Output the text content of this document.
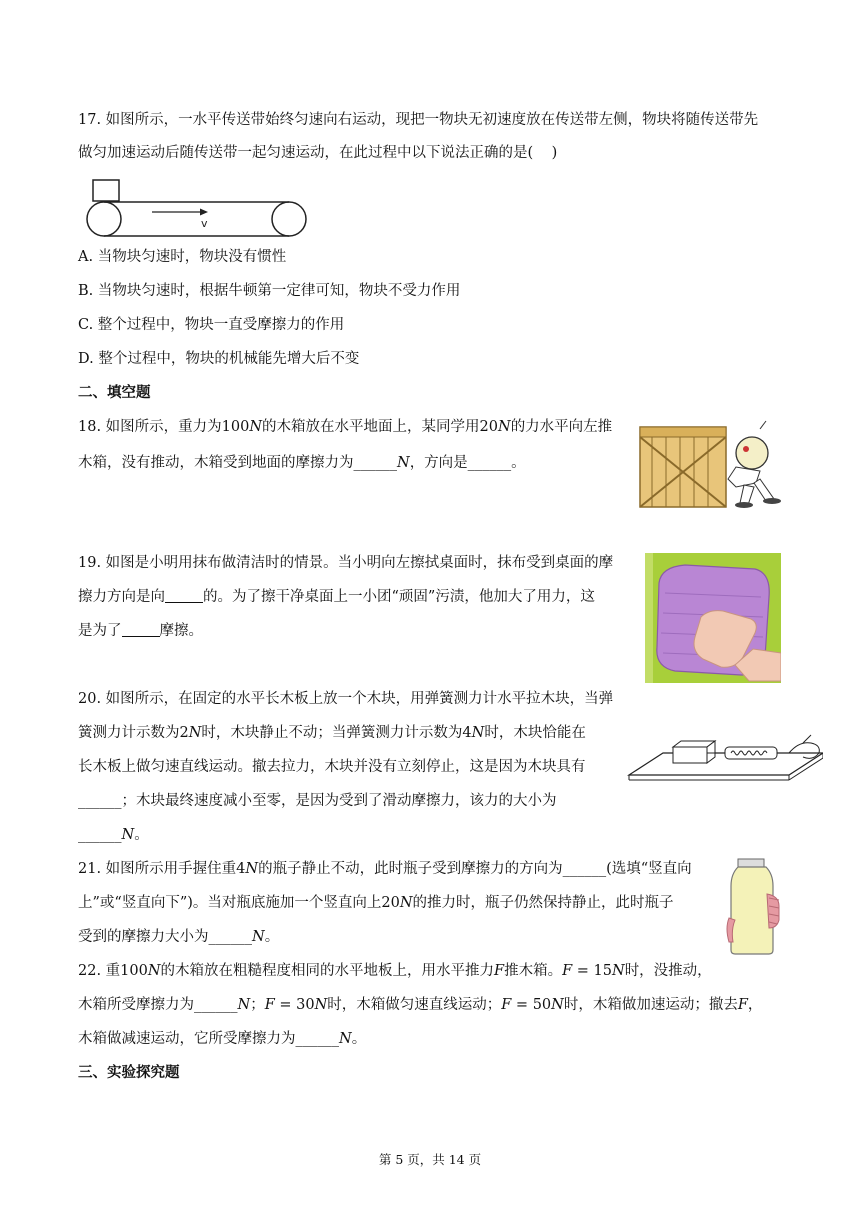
17. 如图所示，一水平传送带始终匀速向右运动，现把一物块无初速度放在传送带左侧，物块将随传送带先
做匀加速运动后随传送带一起匀速运动，在此过程中以下说法正确的是(    )
v
A. 当物块匀速时，物块没有惯性
B. 当物块匀速时，根据牛顿第一定律可知，物块不受力作用
C. 整个过程中，物块一直受摩擦力的作用
D. 整个过程中，物块的机械能先增大后不变
二、填空题
18. 如图所示，重力为100N的木箱放在水平地面上，某同学用20N的力水平向左推
木箱，没有推动，木箱受到地面的摩擦力为______N，方向是______。
19. 如图是小明用抹布做清洁时的情景。当小明向左擦拭桌面时，抹布受到桌面的摩
擦力方向是向	的。为了擦干净桌面上一小团“顽固”污渍，他加大了用力，这
是为了	摩擦。
20. 如图所示，在固定的水平长木板上放一个木块，用弹簧测力计水平拉木块，当弹
簧测力计示数为2N时，木块静止不动；当弹簧测力计示数为4N时，木块恰能在
长木板上做匀速直线运动。撤去拉力，木块并没有立刻停止，这是因为木块具有
______；木块最终速度减小至零，是因为受到了滑动摩擦力，该力的大小为
______N。
21. 如图所示用手握住重4N的瓶子静止不动，此时瓶子受到摩擦力的方向为______(选填“竖直向
上”或“竖直向下”)。当对瓶底施加一个竖直向上20N的推力时，瓶子仍然保持静止，此时瓶子
受到的摩擦力大小为______N。
22. 重100N的木箱放在粗糙程度相同的水平地板上，用水平推力F推木箱。F = 15N时，没推动，
木箱所受摩擦力为______N；F = 30N时，木箱做匀速直线运动；F = 50N时，木箱做加速运动；撤去F，
木箱做减速运动，它所受摩擦力为______N。
三、实验探究题
第 5 页，共 14 页
